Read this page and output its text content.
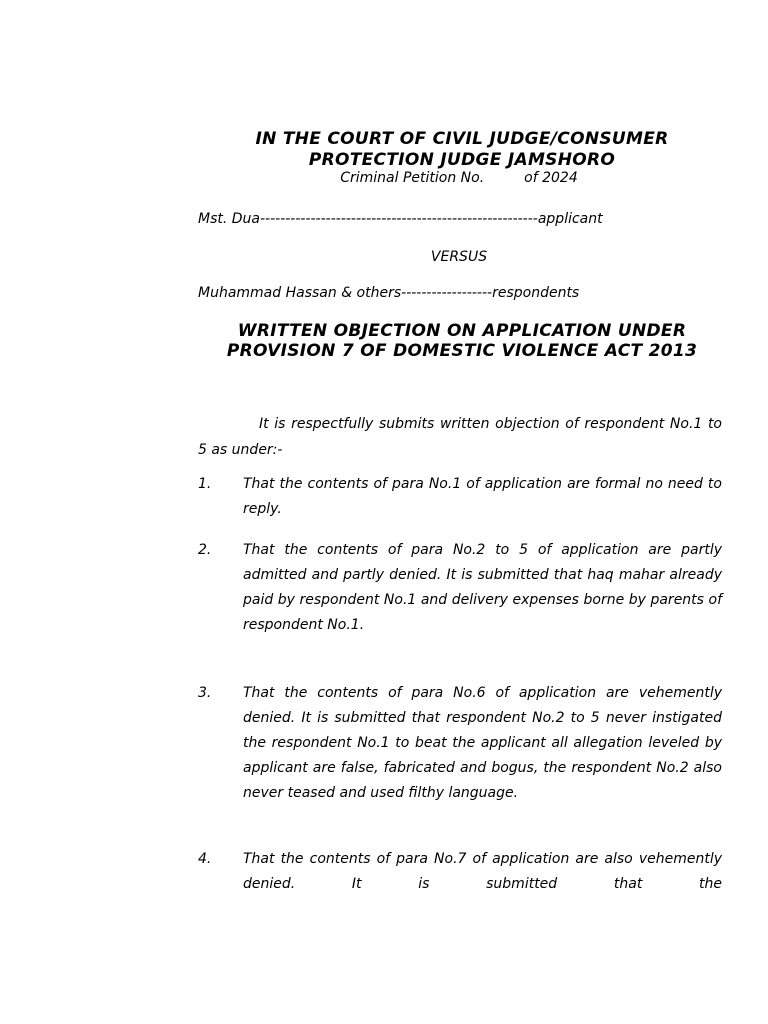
IN THE COURT OF CIVIL JUDGE/CONSUMER PROTECTION JUDGE JAMSHORO
Criminal Petition No.	of 2024
Mst. Dua-------------------------------------------------------applicant
VERSUS
Muhammad Hassan & others------------------respondents
WRITTEN OBJECTION ON APPLICATION UNDER PROVISION 7 OF DOMESTIC VIOLENCE ACT 2013
It is respectfully submits written objection of respondent No.1 to 5 as under:-
1. That the contents of para No.1 of application are formal no need to reply.
2. That the contents of para No.2 to 5 of application are partly admitted and partly denied. It is submitted that haq mahar already paid by respondent No.1 and delivery expenses borne by parents of respondent No.1.
3. That the contents of para No.6 of application are vehemently denied. It is submitted that respondent No.2 to 5 never instigated the respondent No.1 to beat the applicant all allegation leveled by applicant are false, fabricated and bogus, the respondent No.2 also never teased and used filthy language.
4. That the contents of para No.7 of application are also vehemently denied. It is submitted that the
